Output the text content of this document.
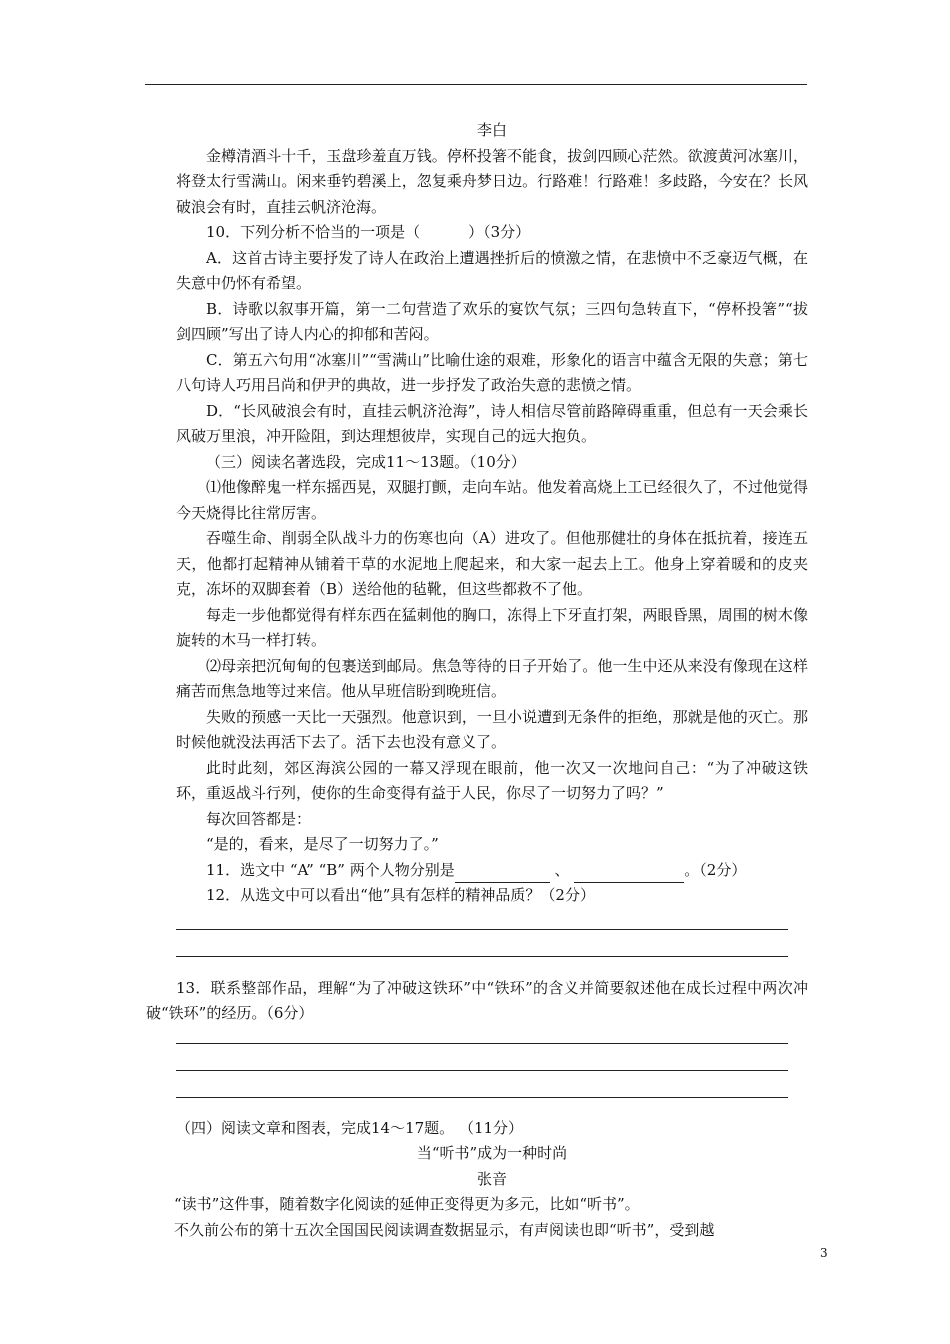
李白

金樽清酒斗十千，玉盘珍羞直万钱。停杯投箸不能食，拔剑四顾心茫然。欲渡黄河冰塞川，将登太行雪满山。闲来垂钓碧溪上，忽复乘舟梦日边。行路难！行路难！多歧路，今安在？长风破浪会有时，直挂云帆济沧海。

10．下列分析不恰当的一项是（	）（3分）

A．这首古诗主要抒发了诗人在政治上遭遇挫折后的愤激之情，在悲愤中不乏豪迈气概，在失意中仍怀有希望。

B．诗歌以叙事开篇，第一二句营造了欢乐的宴饮气氛；三四句急转直下，“停杯投箸”“拔剑四顾”写出了诗人内心的抑郁和苦闷。

C．第五六句用“冰塞川”“雪满山”比喻仕途的艰难，形象化的语言中蕴含无限的失意；第七八句诗人巧用吕尚和伊尹的典故，进一步抒发了政治失意的悲愤之情。

D．“长风破浪会有时，直挂云帆济沧海”，诗人相信尽管前路障碍重重，但总有一天会乘长风破万里浪，冲开险阻，到达理想彼岸，实现自己的远大抱负。

（三）阅读名著选段，完成11～13题。（10分）

⑴他像醉鬼一样东摇西晃，双腿打颤，走向车站。他发着高烧上工已经很久了，不过他觉得今天烧得比往常厉害。

吞噬生命、削弱全队战斗力的伤寒也向（A）进攻了。但他那健壮的身体在抵抗着，接连五天，他都打起精神从铺着干草的水泥地上爬起来，和大家一起去上工。他身上穿着暖和的皮夹克，冻坏的双脚套着（B）送给他的毡靴，但这些都救不了他。

每走一步他都觉得有样东西在猛刺他的胸口，冻得上下牙直打架，两眼昏黑，周围的树木像旋转的木马一样打转。

⑵母亲把沉甸甸的包裹送到邮局。焦急等待的日子开始了。他一生中还从来没有像现在这样痛苦而焦急地等过来信。他从早班信盼到晚班信。

失败的预感一天比一天强烈。他意识到，一旦小说遭到无条件的拒绝，那就是他的灭亡。那时候他就没法再活下去了。活下去也没有意义了。

此时此刻，郊区海滨公园的一幕又浮现在眼前，他一次又一次地问自己：“为了冲破这铁环，重返战斗行列，使你的生命变得有益于人民，你尽了一切努力了吗？”

每次回答都是：

“是的，看来，是尽了一切努力了。”

11．选文中 “A” “B” 两个人物分别是	、	。（2分）

12．从选文中可以看出“他”具有怎样的精神品质？（2分）

13．联系整部作品，理解“为了冲破这铁环”中“铁环”的含义并简要叙述他在成长过程中两次冲破“铁环”的经历。（6分）

（四）阅读文章和图表，完成14～17题。 （11分）

当“听书”成为一种时尚

张音

“读书”这件事，随着数字化阅读的延伸正变得更为多元，比如“听书”。

不久前公布的第十五次全国国民阅读调查数据显示，有声阅读也即“听书”，受到越

3
